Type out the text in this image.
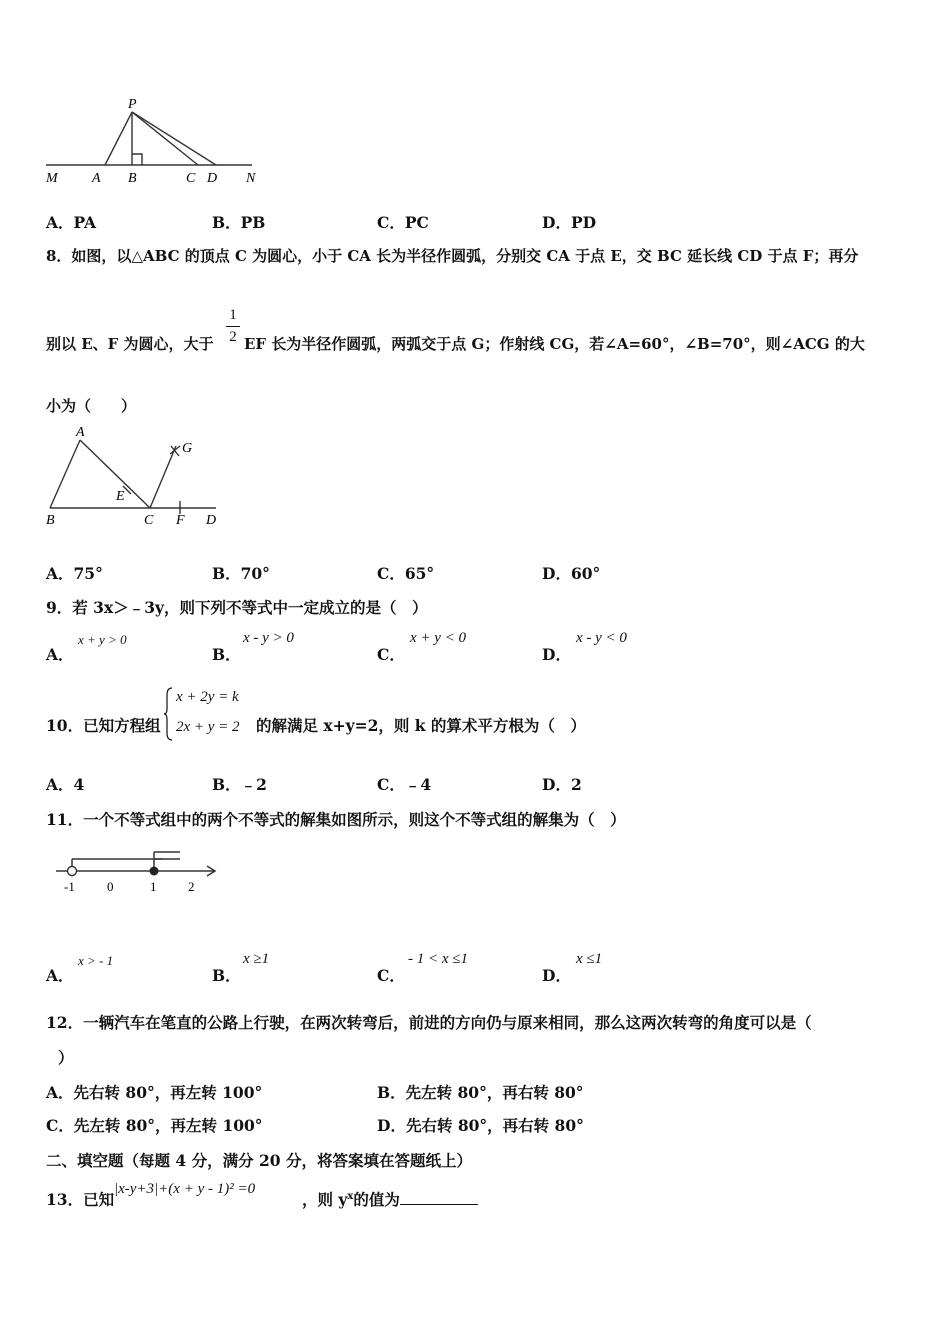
P
M A B	C D N
A．PA	B．PB	C．PC	D．PD
8．如图，以△ABC 的顶点 C 为圆心，小于 CA 长为半径作圆弧，分别交 CA 于点 E，交 BC 延长线 CD 于点 F；再分
别以 E、F 为圆心，大于
1
2 EF 长为半径作圆弧，两弧交于点 G；作射线 CG，若∠A=60°，∠B=70°，则∠ACG 的大
小为（　　）
A
G
E
B	C F D
A．75°	B．70°	C．65°	D．60°
9．若 3x＞﹣3y，则下列不等式中一定成立的是（　）
A．
x + y > 0
B．
x - y > 0
C．
x + y < 0
D．
x - y < 0
10．已知方程组
x + 2y = k
2x + y = 2 的解满足 x+y=2，则 k 的算术平方根为（　）
A．4	B．﹣2	C．﹣4	D．2
11．一个不等式组中的两个不等式的解集如图所示，则这个不等式组的解集为（　）
-1 0	1 2
A．
x > - 1
B．
x ≥1
C．
- 1 < x ≤1
D．
x ≤1
12．一辆汽车在笔直的公路上行驶，在两次转弯后，前进的方向仍与原来相同，那么这两次转弯的角度可以是（
）
A．先右转 80°，再左转 100°	B．先左转 80°，再右转 80°
C．先左转 80°，再左转 100°	D．先右转 80°，再右转 80°
二、填空题（每题 4 分，满分 20 分，将答案填在答题纸上）
13．已知
|x-y+3|+(x + y - 1)² =0
，则 $y^x$的值为
